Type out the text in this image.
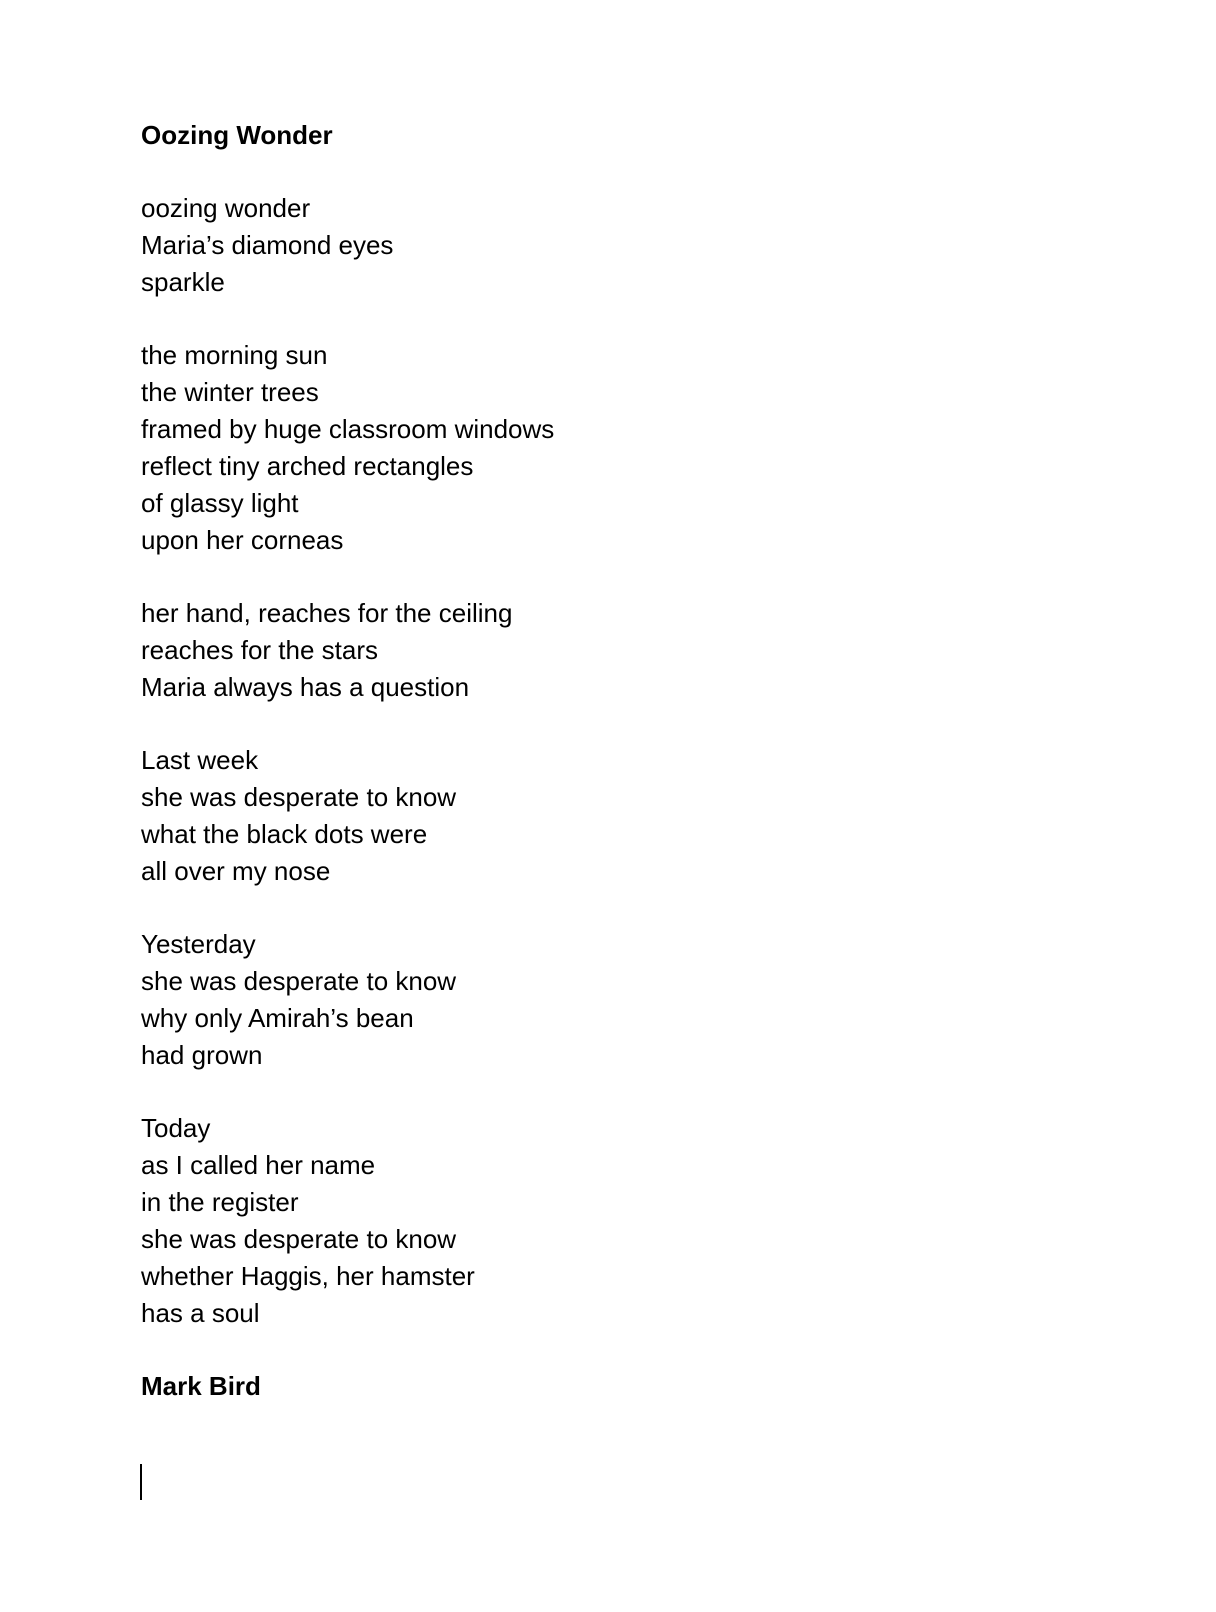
Oozing Wonder
oozing wonder
Maria’s diamond eyes
sparkle
the morning sun
the winter trees
framed by huge classroom windows
reflect tiny arched rectangles
of glassy light
upon her corneas
her hand, reaches for the ceiling
reaches for the stars
Maria always has a question
Last week
she was desperate to know
what the black dots were
all over my nose
Yesterday
she was desperate to know
why only Amirah’s bean
had grown
Today
as I called her name
in the register
she was desperate to know
whether Haggis, her hamster
has a soul

Mark Bird
